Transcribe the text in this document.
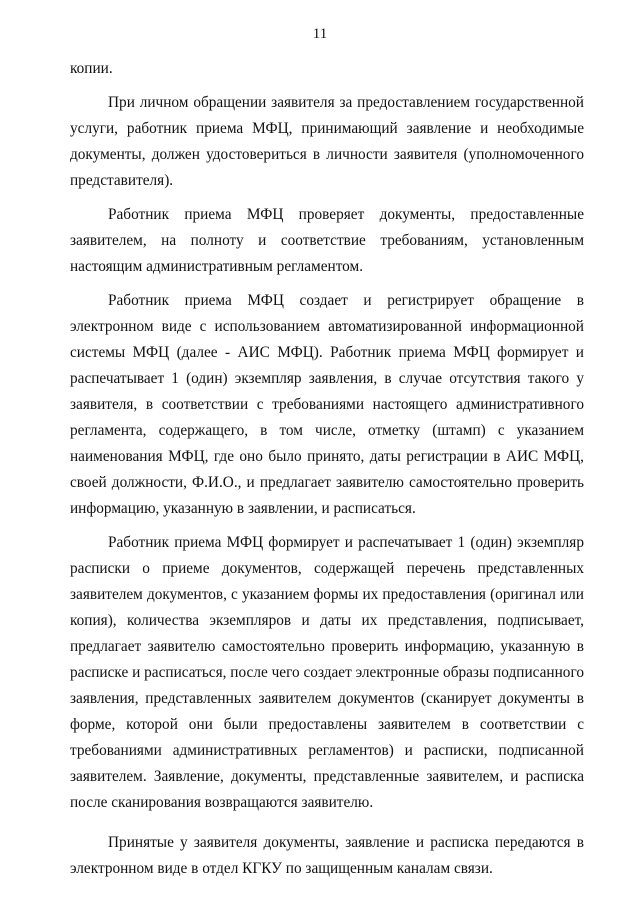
11

копии.

При личном обращении заявителя за предоставлением государственной услуги, работник приема МФЦ, принимающий заявление и необходимые документы, должен удостовериться в личности заявителя (уполномоченного представителя).

Работник приема МФЦ проверяет документы, предоставленные заявителем, на полноту и соответствие требованиям, установленным настоящим административным регламентом.

Работник приема МФЦ создает и регистрирует обращение в электронном виде с использованием автоматизированной информационной системы МФЦ (далее - АИС МФЦ). Работник приема МФЦ формирует и распечатывает 1 (один) экземпляр заявления, в случае отсутствия такого у заявителя, в соответствии с требованиями настоящего административного регламента, содержащего, в том числе, отметку (штамп) с указанием наименования МФЦ, где оно было принято, даты регистрации в АИС МФЦ, своей должности, Ф.И.О., и предлагает заявителю самостоятельно проверить информацию, указанную в заявлении, и расписаться.

Работник приема МФЦ формирует и распечатывает 1 (один) экземпляр расписки о приеме документов, содержащей перечень представленных заявителем документов, с указанием формы их предоставления (оригинал или копия), количества экземпляров и даты их представления, подписывает, предлагает заявителю самостоятельно проверить информацию, указанную в расписке и расписаться, после чего создает электронные образы подписанного заявления, представленных заявителем документов (сканирует документы в форме, которой они были предоставлены заявителем в соответствии с требованиями административных регламентов) и расписки, подписанной заявителем. Заявление, документы, представленные заявителем, и расписка после сканирования возвращаются заявителю.

Принятые у заявителя документы, заявление и расписка передаются в электронном виде в отдел КГКУ по защищенным каналам связи.
